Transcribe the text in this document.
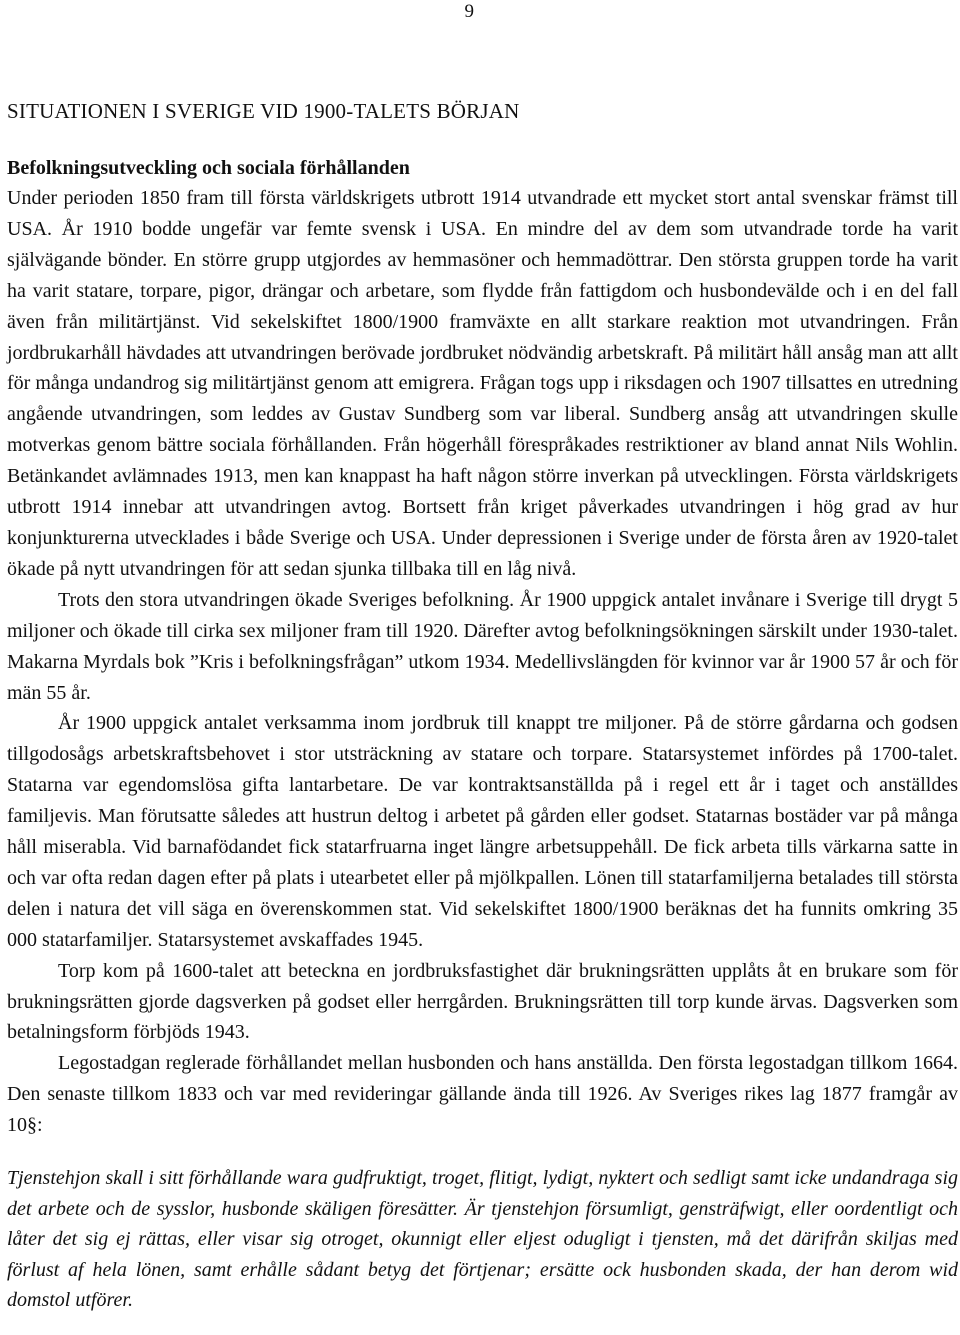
9
SITUATIONEN I SVERIGE VID 1900-TALETS BÖRJAN
Befolkningsutveckling och sociala förhållanden

Under perioden 1850 fram till första världskrigets utbrott 1914 utvandrade ett mycket stort antal svenskar främst till USA. År 1910 bodde ungefär var femte svensk i USA. En mindre del av dem som utvandrade torde ha varit självägande bönder. En större grupp utgjordes av hemmasöner och hemmadöttrar. Den största gruppen torde ha varit ha varit statare, torpare, pigor, drängar och arbetare, som flydde från fattigdom och husbondevälde och i en del fall även från militärtjänst. Vid sekelskiftet 1800/1900 framväxte en allt starkare reaktion mot utvandringen. Från jordbrukarhåll hävdades att utvandringen berövade jordbruket nödvändig arbetskraft. På militärt håll ansåg man att allt för många undandrog sig militärtjänst genom att emigrera. Frågan togs upp i riksdagen och 1907 tillsattes en utredning angående utvandringen, som leddes av Gustav Sundberg som var liberal. Sundberg ansåg att utvandringen skulle motverkas genom bättre sociala förhållanden. Från högerhåll förespråkades restriktioner av bland annat Nils Wohlin. Betänkandet avlämnades 1913, men kan knappast ha haft någon större inverkan på utvecklingen. Första världskrigets utbrott 1914 innebar att utvandringen avtog. Bortsett från kriget påverkades utvandringen i hög grad av hur konjunkturerna utvecklades i både Sverige och USA. Under depressionen i Sverige under de första åren av 1920-talet ökade på nytt utvandringen för att sedan sjunka tillbaka till en låg nivå.

Trots den stora utvandringen ökade Sveriges befolkning. År 1900 uppgick antalet invånare i Sverige till drygt 5 miljoner och ökade till cirka sex miljoner fram till 1920. Därefter avtog befolkningsökningen särskilt under 1930-talet. Makarna Myrdals bok ”Kris i befolkningsfrågan” utkom 1934. Medellivslängden för kvinnor var år 1900 57 år och för män 55 år.

År 1900 uppgick antalet verksamma inom jordbruk till knappt tre miljoner. På de större gårdarna och godsen tillgodosågs arbetskraftsbehovet i stor utsträckning av statare och torpare. Statarsystemet infördes på 1700-talet. Statarna var egendomslösa gifta lantarbetare. De var kontraktsanställda på i regel ett år i taget och anställdes familjevis. Man förutsatte således att hustrun deltog i arbetet på gården eller godset. Statarnas bostäder var på många håll miserabla. Vid barnafödandet fick statarfruarna inget längre arbetsuppehåll. De fick arbeta tills värkarna satte in och var ofta redan dagen efter på plats i utearbetet eller på mjölkpallen. Lönen till statarfamiljerna betalades till största delen i natura det vill säga en överenskommen stat. Vid sekelskiftet 1800/1900 beräknas det ha funnits omkring 35 000 statarfamiljer. Statarsystemet avskaffades 1945.

Torp kom på 1600-talet att beteckna en jordbruksfastighet där brukningsrätten upplåts åt en brukare som för brukningsrätten gjorde dagsverken på godset eller herrgården. Brukningsrätten till torp kunde ärvas. Dagsverken som betalningsform förbjöds 1943.

Legostadgan reglerade förhållandet mellan husbonden och hans anställda. Den första legostadgan tillkom 1664. Den senaste tillkom 1833 och var med revideringar gällande ända till 1926. Av Sveriges rikes lag 1877 framgår av 10§:

Tjenstehjon skall i sitt förhållande wara gudfruktigt, troget, flitigt, lydigt, nyktert och sedligt samt icke undandraga sig det arbete och de sysslor, husbonde skäligen föresätter. Är tjenstehjon försumligt, gensträfwigt, eller oordentligt och låter det sig ej rättas, eller visar sig otroget, okunnigt eller eljest odugligt i tjensten, må det därifrån skiljas med förlust af hela lönen, samt erhålle sådant betyg det förtjenar; ersätte ock husbonden skada, der han derom wid domstol utförer.
